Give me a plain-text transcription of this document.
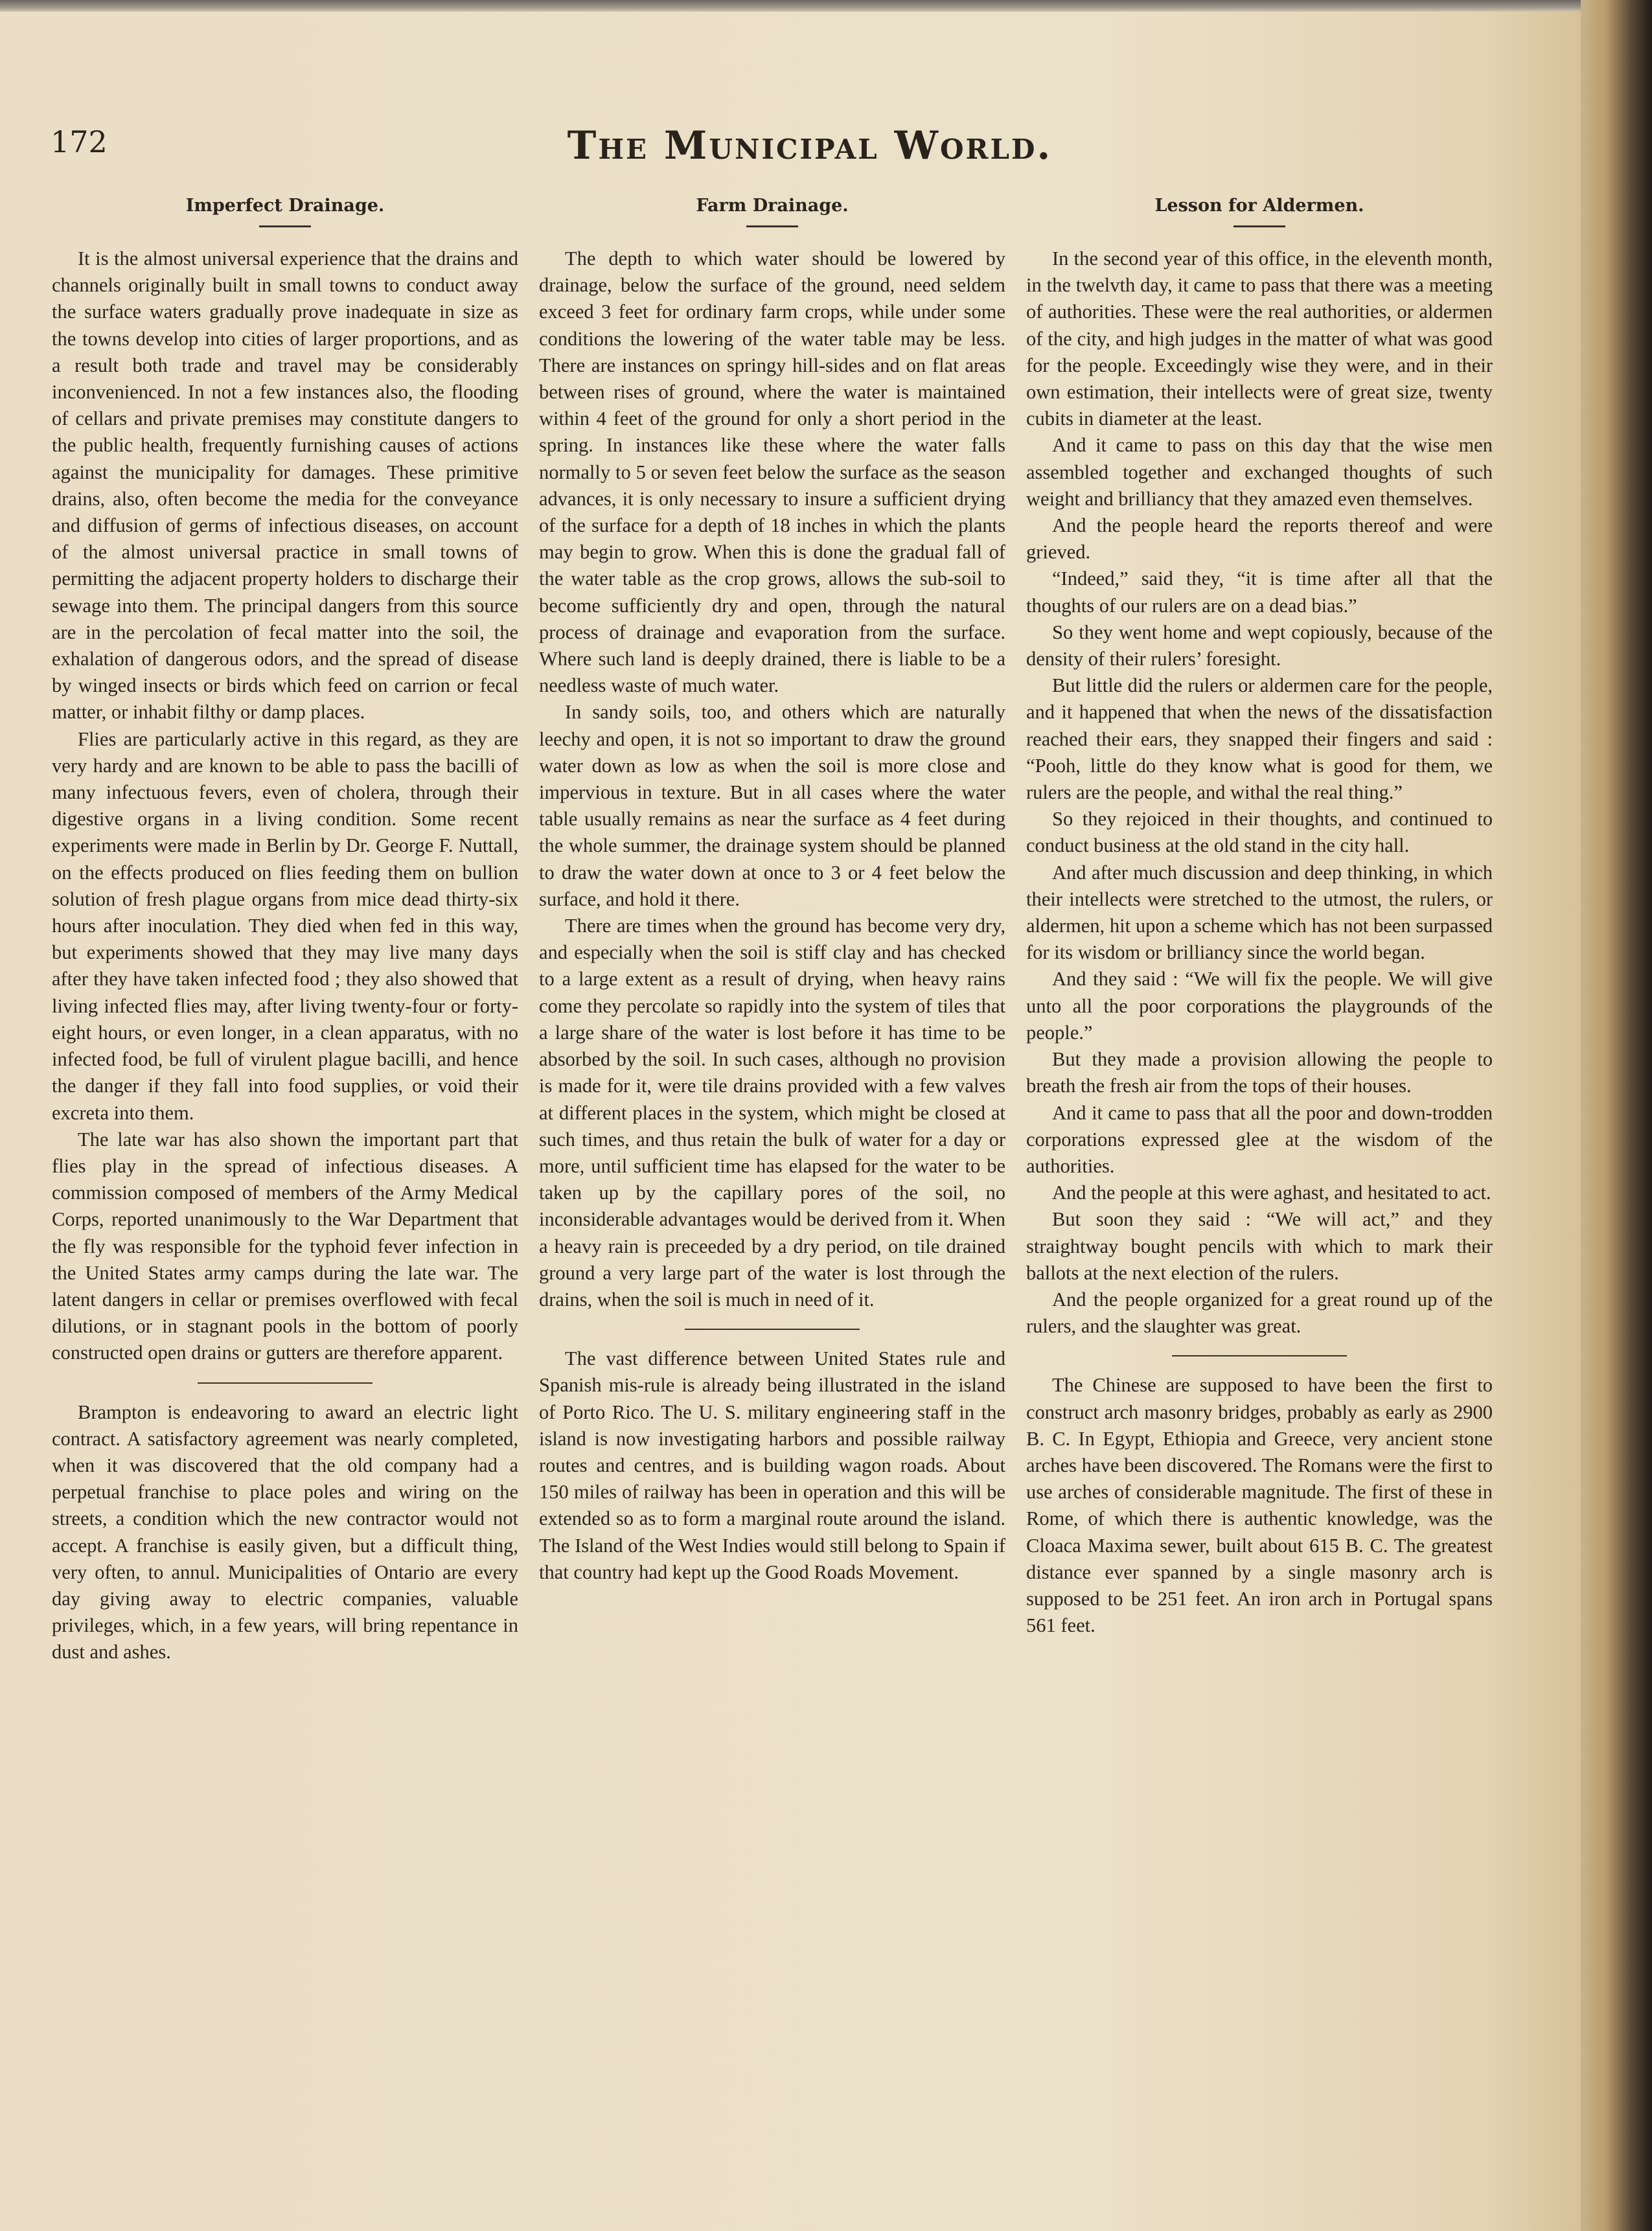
172	The Municipal World.
Imperfect Drainage.

It is the almost universal experience that the drains and channels originally built in small towns to conduct away the surface waters gradually prove inadequate in size as the towns develop into cities of larger proportions, and as a result both trade and travel may be considerably inconvenienced. In not a few instances also, the flooding of cellars and private premises may constitute dangers to the public health, frequently furnishing causes of actions against the municipality for damages. These primitive drains, also, often become the media for the conveyance and diffusion of germs of infectious diseases, on account of the almost universal practice in small towns of permitting the adjacent property holders to discharge their sewage into them. The principal dangers from this source are in the percolation of fecal matter into the soil, the exhalation of dangerous odors, and the spread of disease by winged insects or birds which feed on carrion or fecal matter, or inhabit filthy or damp places.

Flies are particularly active in this regard, as they are very hardy and are known to be able to pass the bacilli of many infectuous fevers, even of cholera, through their digestive organs in a living condition. Some recent experiments were made in Berlin by Dr. George F. Nuttall, on the effects produced on flies feeding them on bullion solution of fresh plague organs from mice dead thirty-six hours after inoculation. They died when fed in this way, but experiments showed that they may live many days after they have taken infected food ; they also showed that living infected flies may, after living twenty-four or forty-eight hours, or even longer, in a clean apparatus, with no infected food, be full of virulent plague bacilli, and hence the danger if they fall into food supplies, or void their excreta into them.

The late war has also shown the important part that flies play in the spread of infectious diseases. A commission composed of members of the Army Medical Corps, reported unanimously to the War Department that the fly was responsible for the typhoid fever infection in the United States army camps during the late war. The latent dangers in cellar or premises overflowed with fecal dilutions, or in stagnant pools in the bottom of poorly constructed open drains or gutters are therefore apparent.

Brampton is endeavoring to award an electric light contract. A satisfactory agreement was nearly completed, when it was discovered that the old company had a perpetual franchise to place poles and wiring on the streets, a condition which the new contractor would not accept. A franchise is easily given, but a difficult thing, very often, to annul. Municipalities of Ontario are every day giving away to electric companies, valuable privileges, which, in a few years, will bring repentance in dust and ashes.

Farm Drainage.

The depth to which water should be lowered by drainage, below the surface of the ground, need seldem exceed 3 feet for ordinary farm crops, while under some conditions the lowering of the water table may be less. There are instances on springy hill-sides and on flat areas between rises of ground, where the water is maintained within 4 feet of the ground for only a short period in the spring. In instances like these where the water falls normally to 5 or seven feet below the surface as the season advances, it is only necessary to insure a sufficient drying of the surface for a depth of 18 inches in which the plants may begin to grow. When this is done the gradual fall of the water table as the crop grows, allows the sub-soil to become sufficiently dry and open, through the natural process of drainage and evaporation from the surface. Where such land is deeply drained, there is liable to be a needless waste of much water.

In sandy soils, too, and others which are naturally leechy and open, it is not so important to draw the ground water down as low as when the soil is more close and impervious in texture. But in all cases where the water table usually remains as near the surface as 4 feet during the whole summer, the drainage system should be planned to draw the water down at once to 3 or 4 feet below the surface, and hold it there.

There are times when the ground has become very dry, and especially when the soil is stiff clay and has checked to a large extent as a result of drying, when heavy rains come they percolate so rapidly into the system of tiles that a large share of the water is lost before it has time to be absorbed by the soil. In such cases, although no provision is made for it, were tile drains provided with a few valves at different places in the system, which might be closed at such times, and thus retain the bulk of water for a day or more, until sufficient time has elapsed for the water to be taken up by the capillary pores of the soil, no inconsiderable advantages would be derived from it. When a heavy rain is preceeded by a dry period, on tile drained ground a very large part of the water is lost through the drains, when the soil is much in need of it.

The vast difference between United States rule and Spanish mis-rule is already being illustrated in the island of Porto Rico. The U. S. military engineering staff in the island is now investigating harbors and possible railway routes and centres, and is building wagon roads. About 150 miles of railway has been in operation and this will be extended so as to form a marginal route around the island. The Island of the West Indies would still belong to Spain if that country had kept up the Good Roads Movement.

Lesson for Aldermen.

In the second year of this office, in the eleventh month, in the twelvth day, it came to pass that there was a meeting of authorities. These were the real authorities, or aldermen of the city, and high judges in the matter of what was good for the people. Exceedingly wise they were, and in their own estimation, their intellects were of great size, twenty cubits in diameter at the least.

And it came to pass on this day that the wise men assembled together and exchanged thoughts of such weight and brilliancy that they amazed even themselves.

And the people heard the reports thereof and were grieved.

“Indeed,” said they, “it is time after all that the thoughts of our rulers are on a dead bias.”

So they went home and wept copiously, because of the density of their rulers’ foresight.

But little did the rulers or aldermen care for the people, and it happened that when the news of the dissatisfaction reached their ears, they snapped their fingers and said : “Pooh, little do they know what is good for them, we rulers are the people, and withal the real thing.”

So they rejoiced in their thoughts, and continued to conduct business at the old stand in the city hall.

And after much discussion and deep thinking, in which their intellects were stretched to the utmost, the rulers, or aldermen, hit upon a scheme which has not been surpassed for its wisdom or brilliancy since the world began.

And they said : “We will fix the people. We will give unto all the poor corporations the playgrounds of the people.”

But they made a provision allowing the people to breath the fresh air from the tops of their houses.

And it came to pass that all the poor and down-trodden corporations expressed glee at the wisdom of the authorities.

And the people at this were aghast, and hesitated to act.

But soon they said : “We will act,” and they straightway bought pencils with which to mark their ballots at the next election of the rulers.

And the people organized for a great round up of the rulers, and the slaughter was great.

The Chinese are supposed to have been the first to construct arch masonry bridges, probably as early as 2900 B. C. In Egypt, Ethiopia and Greece, very ancient stone arches have been discovered. The Romans were the first to use arches of considerable magnitude. The first of these in Rome, of which there is authentic knowledge, was the Cloaca Maxima sewer, built about 615 B. C. The greatest distance ever spanned by a single masonry arch is supposed to be 251 feet. An iron arch in Portugal spans 561 feet.
